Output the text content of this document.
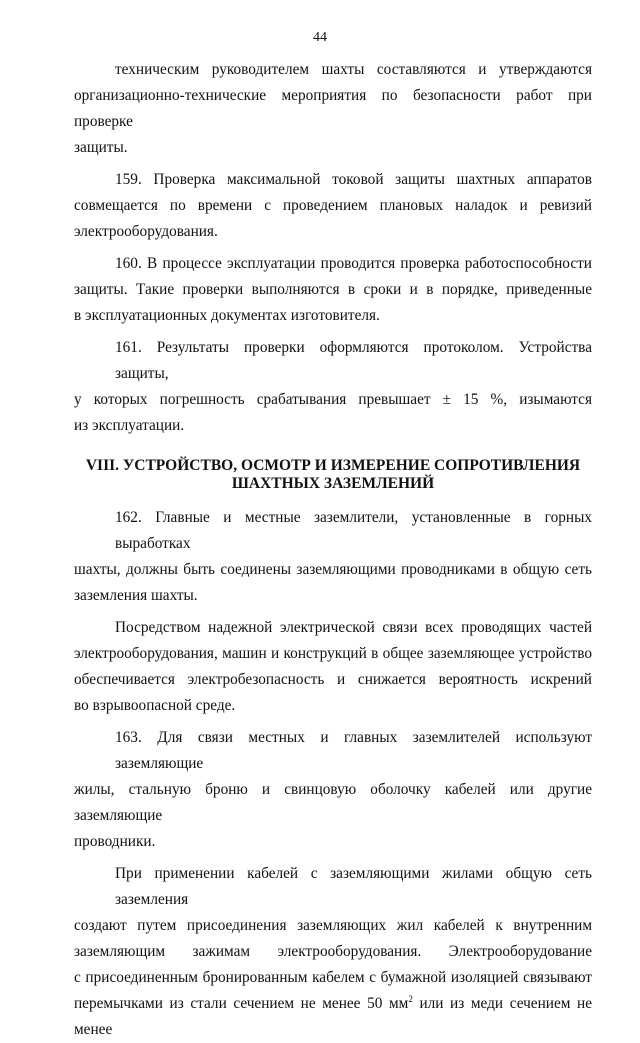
44

техническим руководителем шахты составляются и утверждаются

организационно-технические мероприятия по безопасности работ при проверке

защиты.

159. Проверка максимальной токовой защиты шахтных аппаратов

совмещается по времени с проведением плановых наладок и ревизий

электрооборудования.

160. В процессе эксплуатации проводится проверка работоспособности

защиты. Такие проверки выполняются в сроки и в порядке, приведенные

в эксплуатационных документах изготовителя.

161. Результаты проверки оформляются протоколом. Устройства защиты,

у которых погрешность срабатывания превышает ± 15 %, изымаются

из эксплуатации.

VIII. УСТРОЙСТВО, ОСМОТР И ИЗМЕРЕНИЕ СОПРОТИВЛЕНИЯ
ШАХТНЫХ ЗАЗЕМЛЕНИЙ

162. Главные и местные заземлители, установленные в горных выработках

шахты, должны быть соединены заземляющими проводниками в общую сеть

заземления шахты.

Посредством надежной электрической связи всех проводящих частей

электрооборудования, машин и конструкций в общее заземляющее устройство

обеспечивается электробезопасность и снижается вероятность искрений

во взрывоопасной среде.

163. Для связи местных и главных заземлителей используют заземляющие

жилы, стальную броню и свинцовую оболочку кабелей или другие заземляющие

проводники.

При применении кабелей с заземляющими жилами общую сеть заземления

создают путем присоединения заземляющих жил кабелей к внутренним

заземляющим зажимам электрооборудования. Электрооборудование

с присоединенным бронированным кабелем с бумажной изоляцией связывают

перемычками из стали сечением не менее 50 $мм^2$ или из меди сечением не менее
